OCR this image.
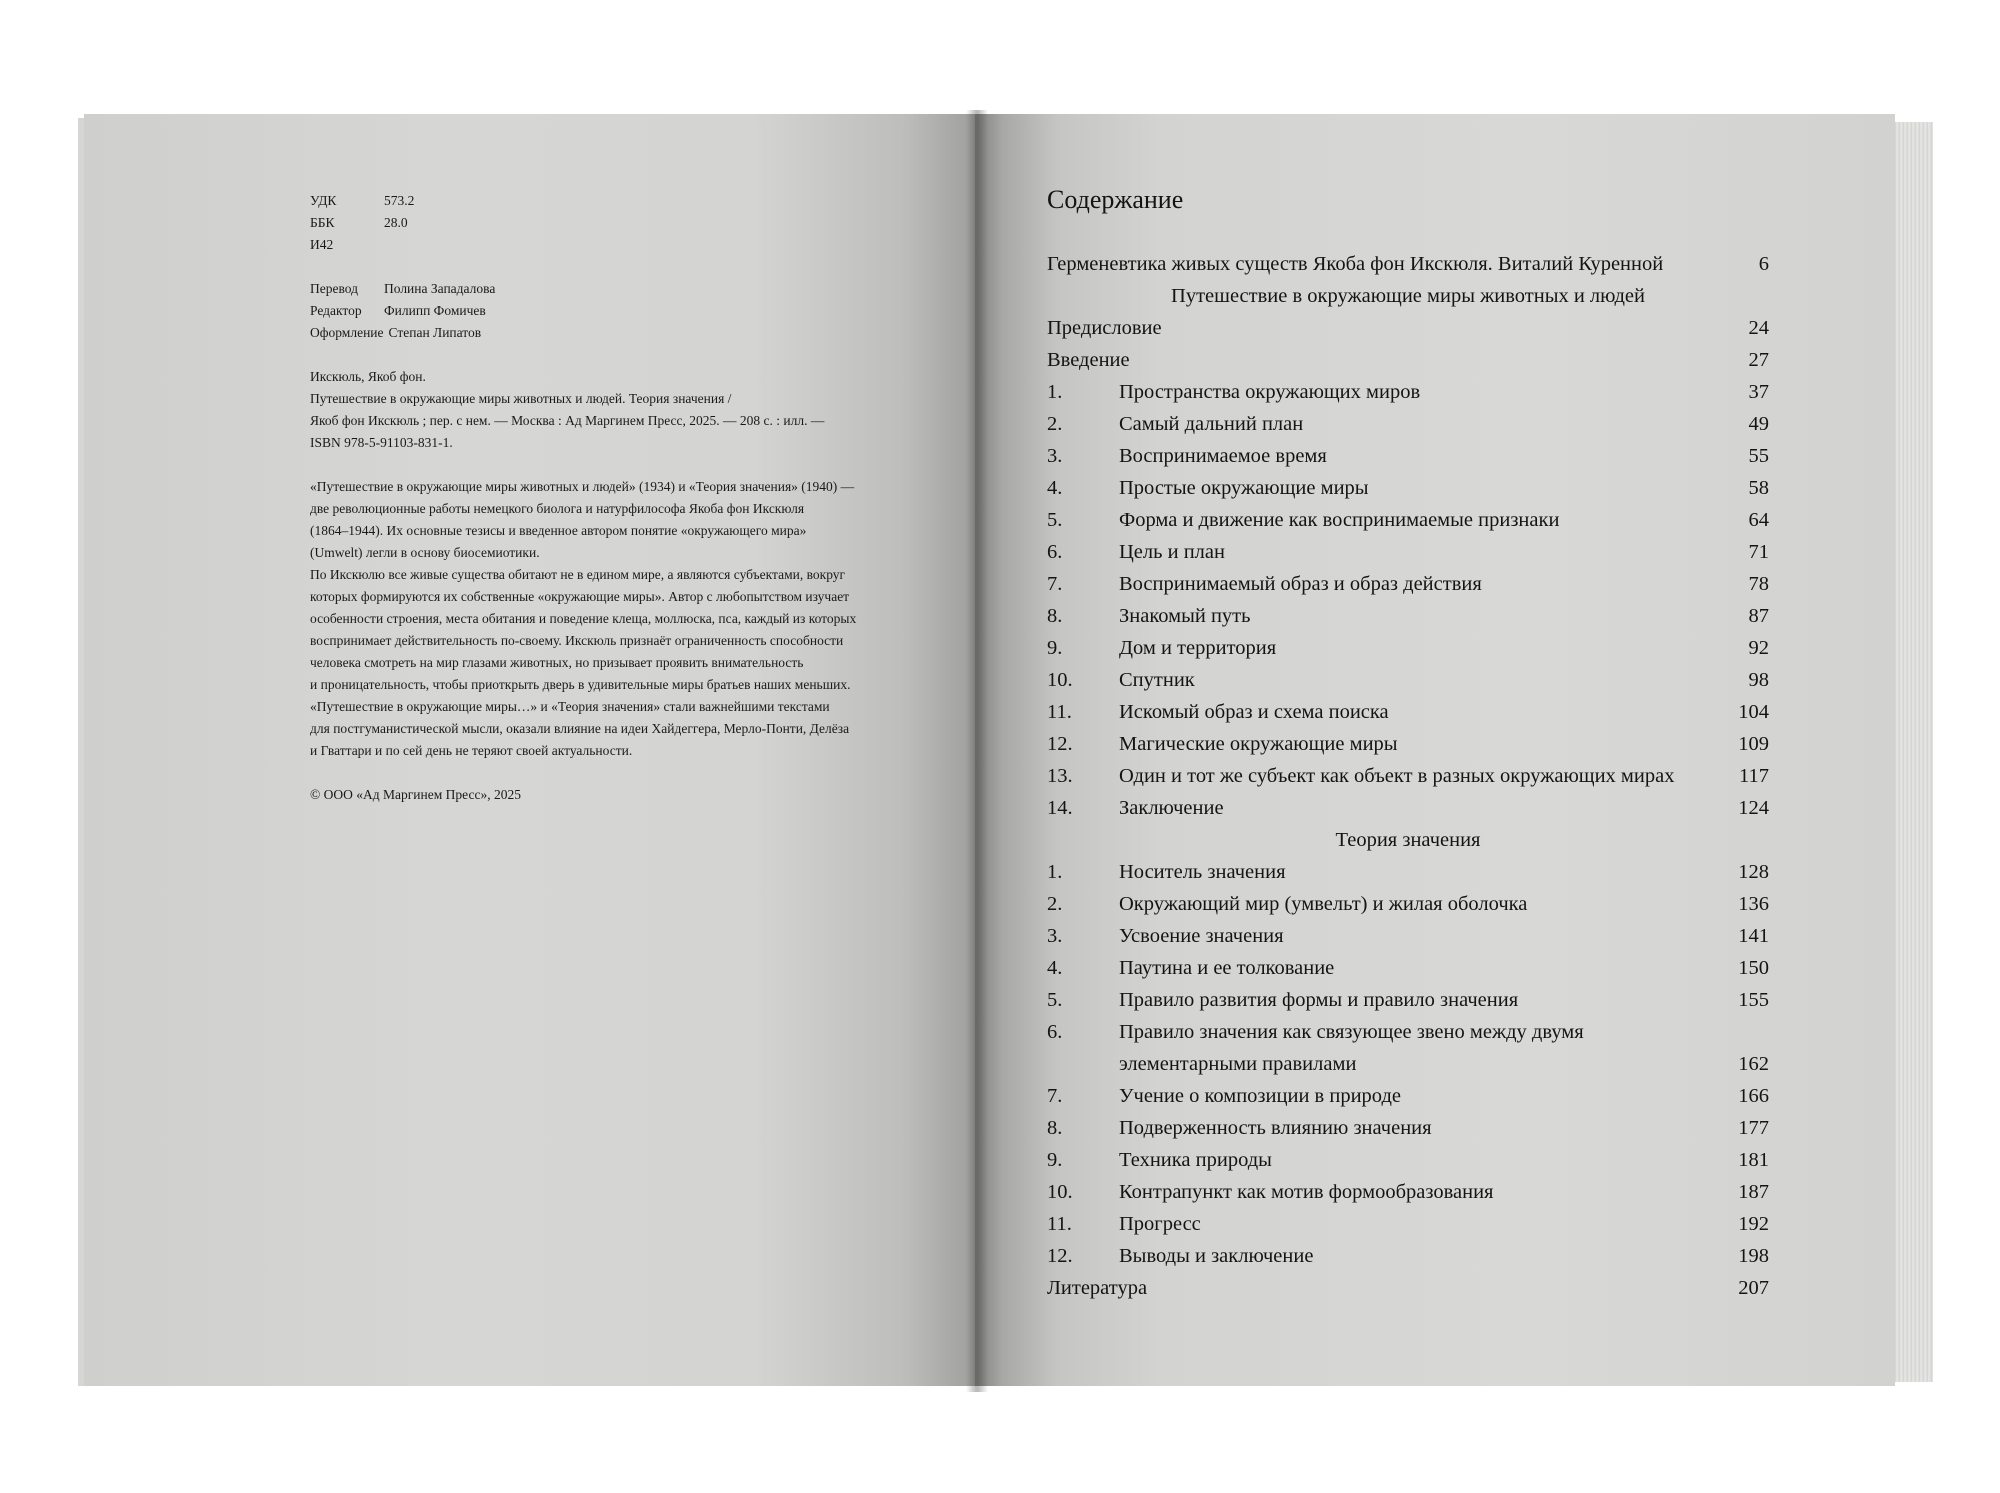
УДК	573.2
ББК	28.0
И42
Перевод	Полина Западалова
Редактор	Филипп Фомичев
Оформление Степан Липатов

Икскюль, Якоб фон.

Путешествие в окружающие миры животных и людей. Теория значения /

Якоб фон Икскюль ; пер. с нем. — Москва : Ад Маргинем Пресс, 2025. — 208 с. : илл. —

ISBN 978-5-91103-831-1.

«Путешествие в окружающие миры животных и людей» (1934) и «Теория значения» (1940) —

две революционные работы немецкого биолога и натурфилософа Якоба фон Икскюля

(1864–1944). Их основные тезисы и введенное автором понятие «окружающего мира»

(Umwelt) легли в основу биосемиотики.

По Икскюлю все живые существа обитают не в едином мире, а являются субъектами, вокруг

которых формируются их собственные «окружающие миры». Автор с любопытством изучает

особенности строения, места обитания и поведение клеща, моллюска, пса, каждый из которых

воспринимает действительность по-своему. Икскюль признаёт ограниченность способности

человека смотреть на мир глазами животных, но призывает проявить внимательность

и проницательность, чтобы приоткрыть дверь в удивительные миры братьев наших меньших.

«Путешествие в окружающие миры…» и «Теория значения» стали важнейшими текстами

для постгуманистической мысли, оказали влияние на идеи Хайдеггера, Мерло-Понти, Делёза

и Гваттари и по сей день не теряют своей актуальности.

© ООО «Ад Маргинем Пресс», 2025

Содержание
Герменевтика живых существ Якоба фон Икскюля. Виталий Куренной	6
Путешествие в окружающие миры животных и людей
Предисловие	24
Введение	27
1.	Пространства окружающих миров	37
2.	Самый дальний план	49
3.	Воспринимаемое время	55
4.	Простые окружающие миры	58
5.	Форма и движение как воспринимаемые признаки	64
6.	Цель и план	71
7.	Воспринимаемый образ и образ действия	78
8.	Знакомый путь	87
9.	Дом и территория	92
10. Спутник	98
11. Искомый образ и схема поиска	104
12. Магические окружающие миры	109
13. Один и тот же субъект как объект в разных окружающих мирах	117
14. Заключение	124
Теория значения
1.	Носитель значения	128
2.	Окружающий мир (умвельт) и жилая оболочка	136
3.	Усвоение значения	141
4.	Паутина и ее толкование	150
5.	Правило развития формы и правило значения	155
6.	Правило значения как связующее звено между двумя
элементарными правилами	162
7.	Учение о композиции в природе	166
8.	Подверженность влиянию значения	177
9.	Техника природы	181
10. Контрапункт как мотив формообразования	187
11. Прогресс	192
12. Выводы и заключение	198
Литература	207
